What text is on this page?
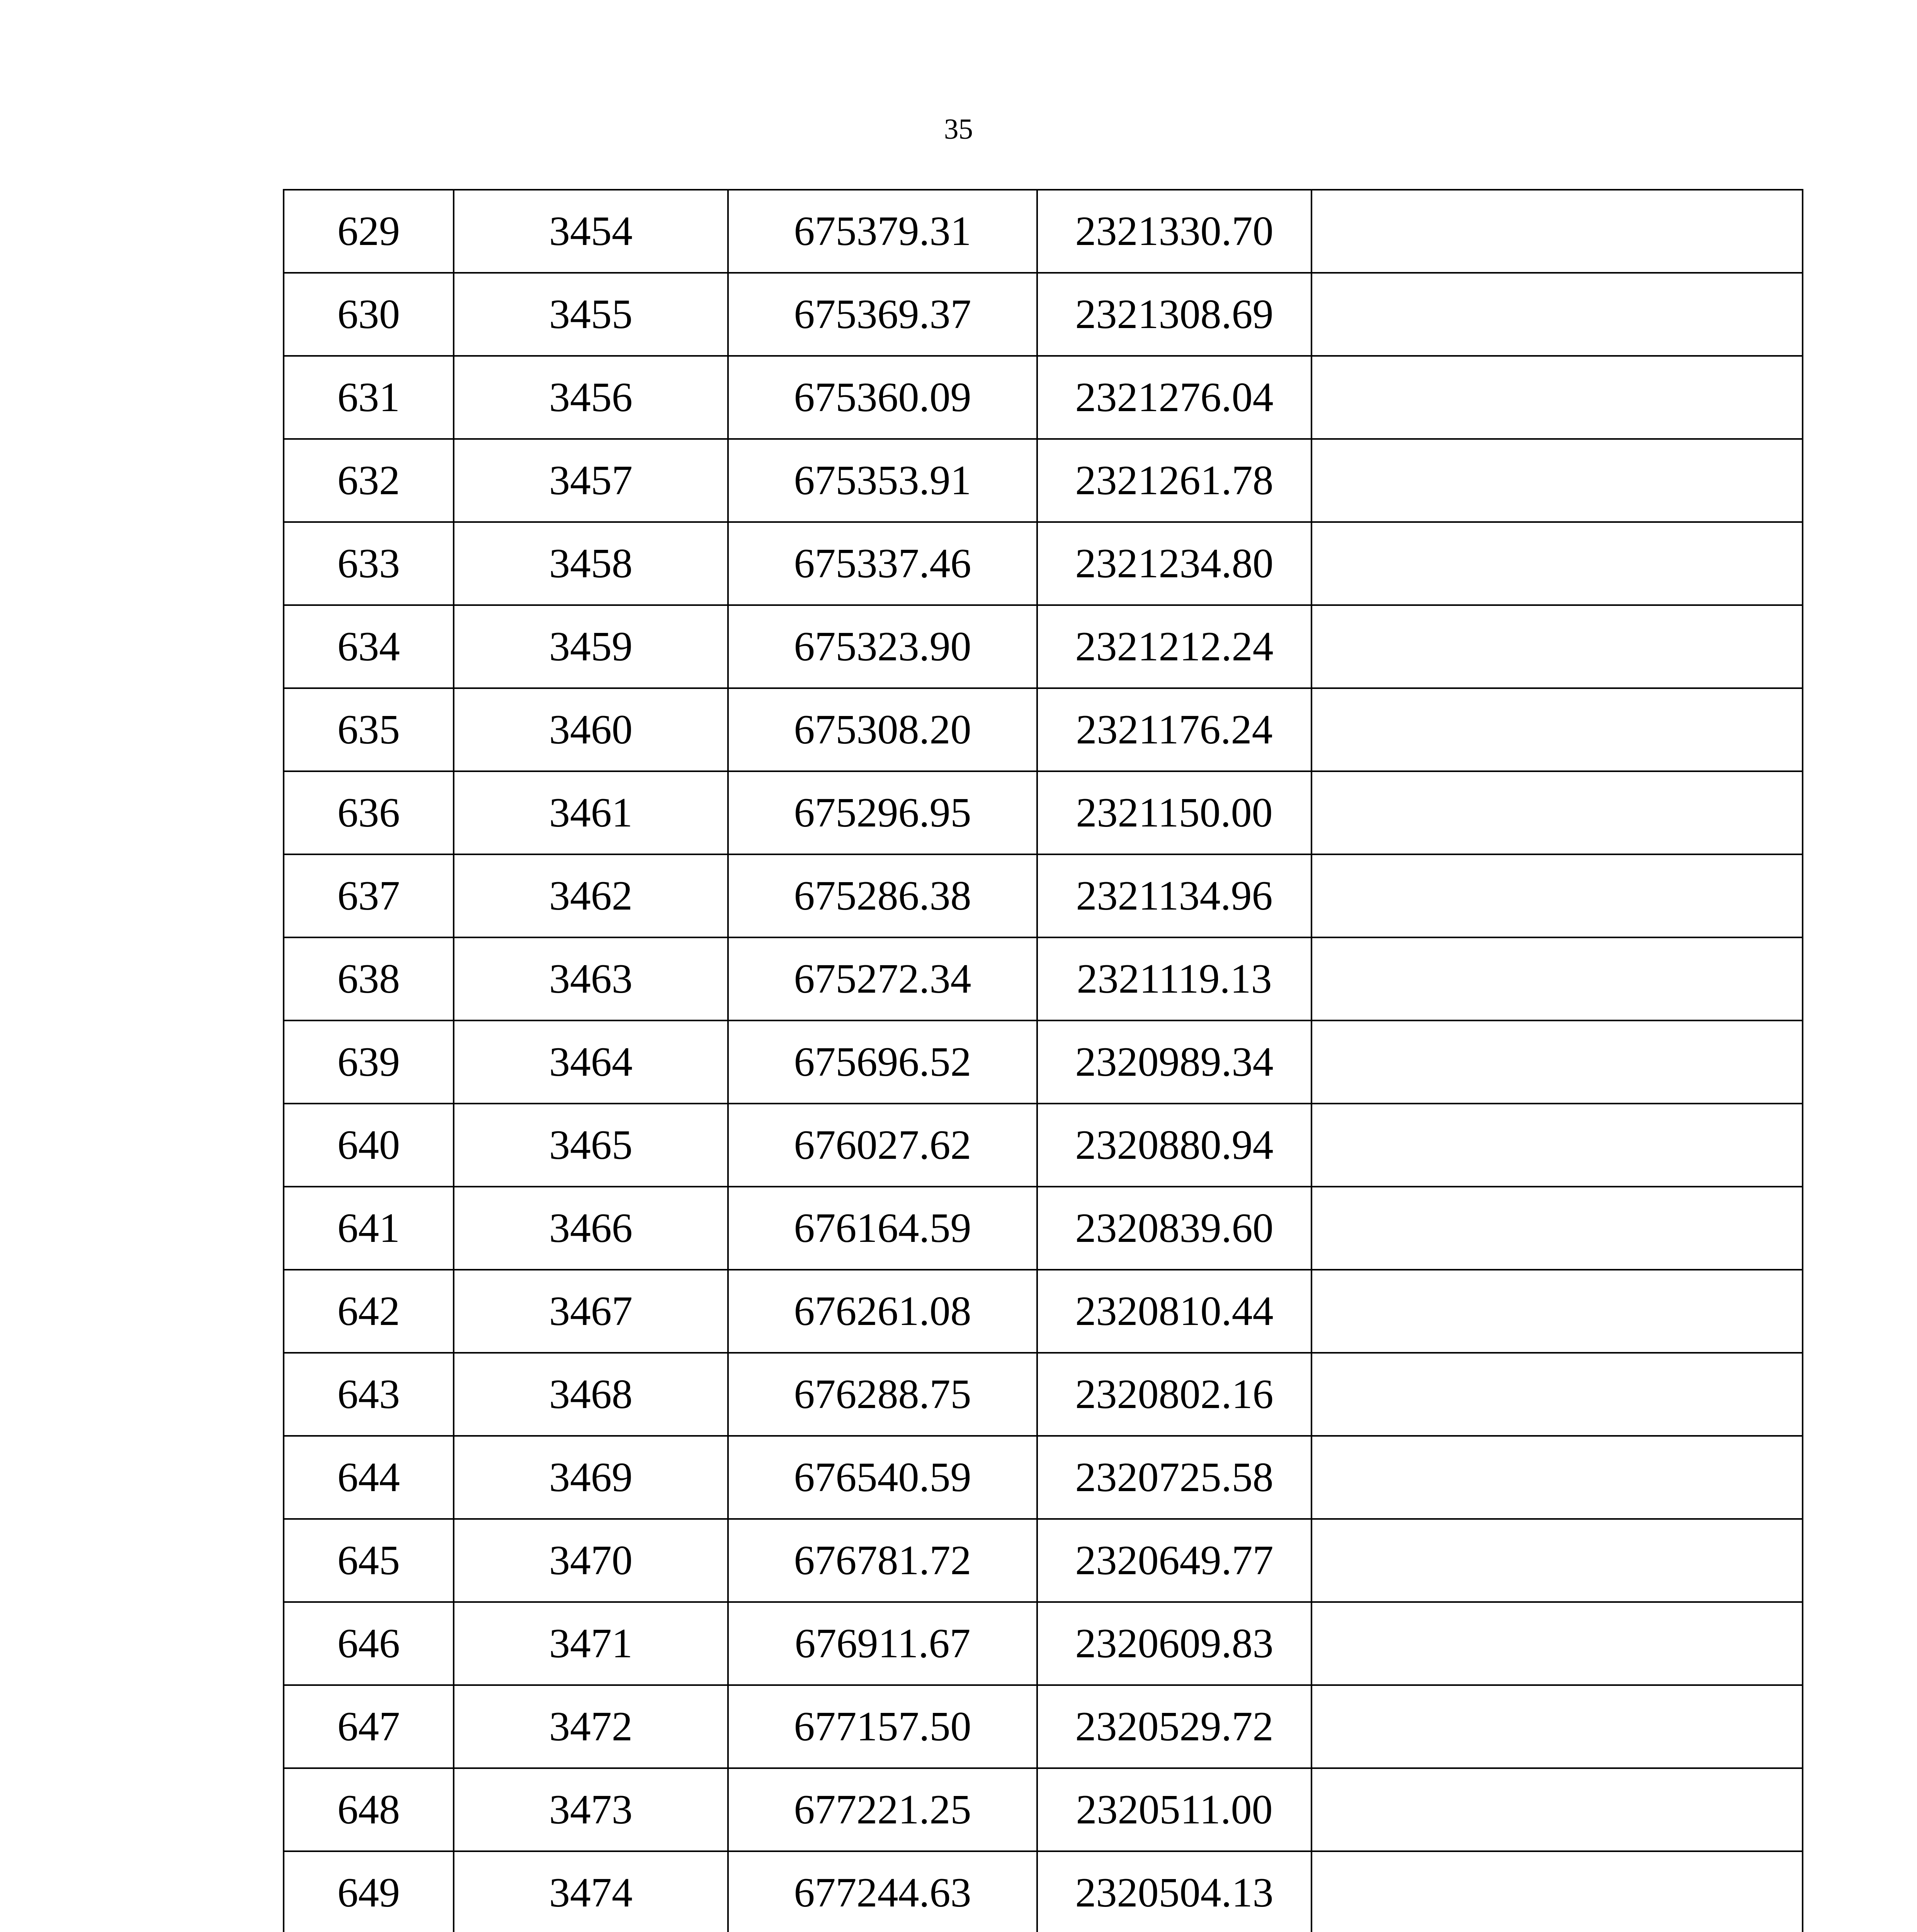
35
629	3454	675379.31	2321330.70	
630	3455	675369.37	2321308.69	
631	3456	675360.09	2321276.04	
632	3457	675353.91	2321261.78	
633	3458	675337.46	2321234.80	
634	3459	675323.90	2321212.24	
635	3460	675308.20	2321176.24	
636	3461	675296.95	2321150.00	
637	3462	675286.38	2321134.96	
638	3463	675272.34	2321119.13	
639	3464	675696.52	2320989.34	
640	3465	676027.62	2320880.94	
641	3466	676164.59	2320839.60	
642	3467	676261.08	2320810.44	
643	3468	676288.75	2320802.16	
644	3469	676540.59	2320725.58	
645	3470	676781.72	2320649.77	
646	3471	676911.67	2320609.83	
647	3472	677157.50	2320529.72	
648	3473	677221.25	2320511.00	
649	3474	677244.63	2320504.13	
